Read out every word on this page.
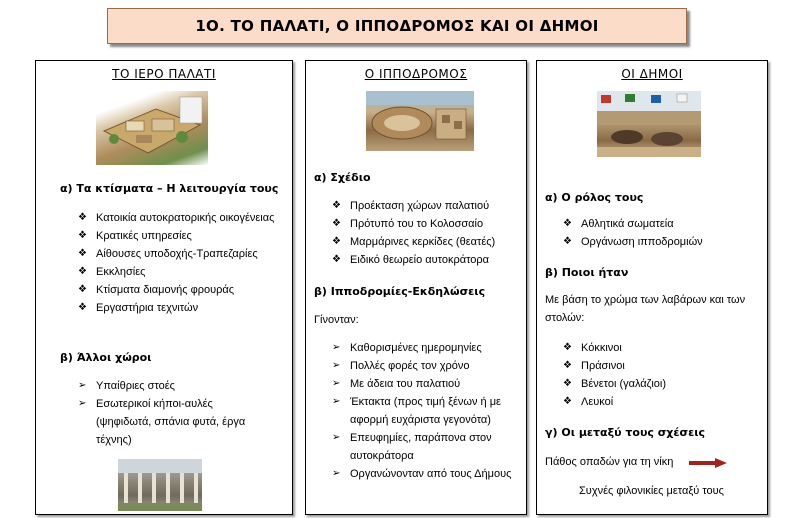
1Ο. ΤΟ ΠΑΛΑΤΙ, Ο ΙΠΠΟΔΡΟΜΟΣ ΚΑΙ ΟΙ ΔΗΜΟΙ
ΤΟ ΙΕΡΟ ΠΑΛΑΤΙ
α) Τα κτίσματα – Η λειτουργία τους
❖ Κατοικία αυτοκρατορικής οικογένειας
❖ Κρατικές υπηρεσίες
❖ Αίθουσες υποδοχής-Τραπεζαρίες
❖ Εκκλησίες
❖ Κτίσματα διαμονής φρουράς
❖ Εργαστήρια τεχνιτών
β) Άλλοι χώροι
➢ Υπαίθριες στοές
➢ Εσωτερικοί κήποι-αυλές (ψηφιδωτά, σπάνια φυτά, έργα τέχνης)
Ο ΙΠΠΟΔΡΟΜΟΣ
α) Σχέδιο
❖ Προέκταση χώρων παλατιού
❖ Πρότυπό του το Κολοσσαίο
❖ Μαρμάρινες κερκίδες (θεατές)
❖ Ειδικό θεωρείο αυτοκράτορα
β) Ιπποδρομίες-Εκδηλώσεις
Γίνονταν:
➢ Καθορισμένες ημερομηνίες
➢ Πολλές φορές τον χρόνο
➢ Με άδεια του παλατιού
➢ Έκτακτα (προς τιμή ξένων ή με αφορμή ευχάριστα γεγονότα)
➢ Επευφημίες, παράπονα στον αυτοκράτορα
➢ Οργανώνονταν από τους Δήμους
ΟΙ ΔΗΜΟΙ
α) Ο ρόλος τους
❖ Αθλητικά σωματεία
❖ Οργάνωση ιπποδρομιών
β) Ποιοι ήταν
Με βάση το χρώμα των λαβάρων και των στολών:
❖ Κόκκινοι
❖ Πράσινοι
❖ Βένετοι (γαλάζιοι)
❖ Λευκοί
γ) Οι μεταξύ τους σχέσεις
Πάθος οπαδών για τη νίκη
Συχνές φιλονικίες μεταξύ τους
